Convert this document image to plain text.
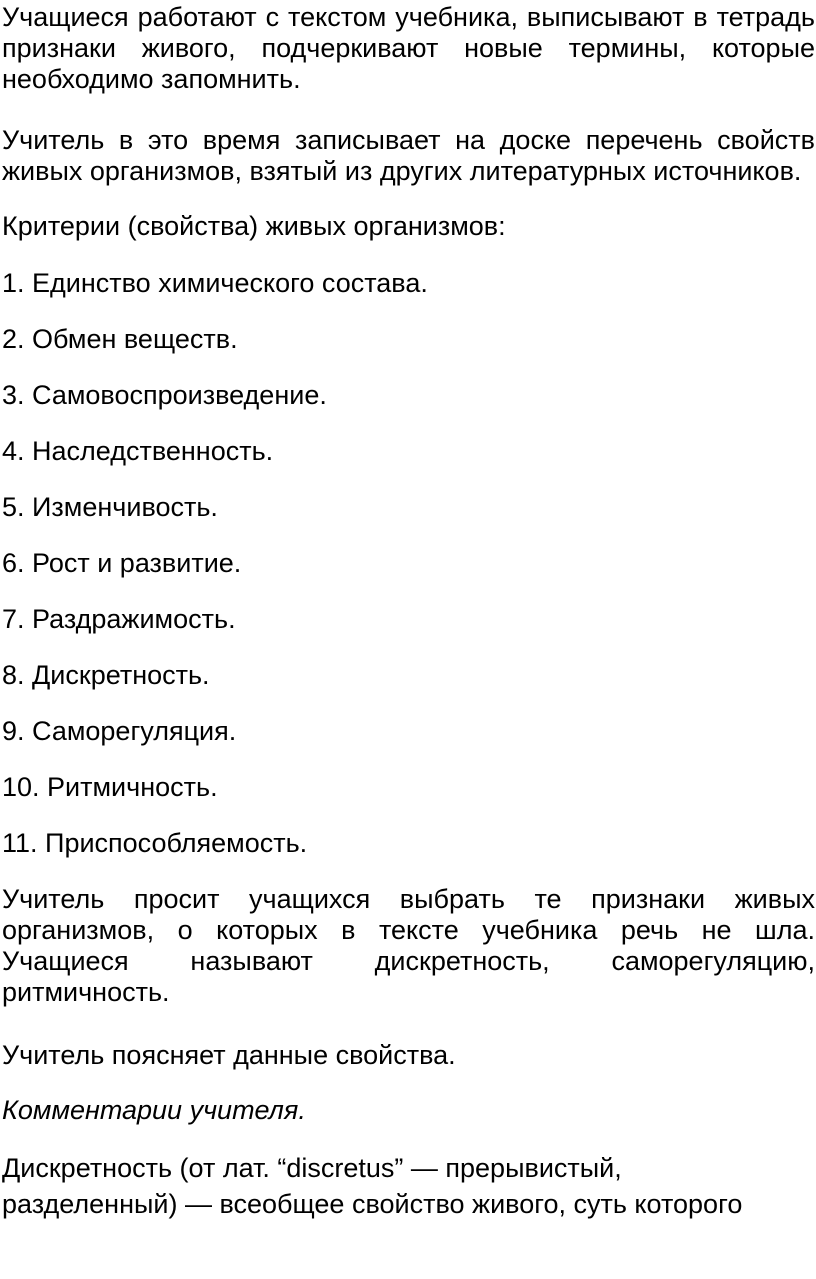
Учащиеся работают с текстом учебника, выписывают в тетрадь признаки живого, подчеркивают новые термины, которые необходимо запомнить.

Учитель в это время записывает на доске перечень свойств живых организмов, взятый из других литературных источников.

Критерии (свойства) живых организмов:

1. Единство химического состава.
2. Обмен веществ.
3. Самовоспроизведение.
4. Наследственность.
5. Изменчивость.
6. Рост и развитие.
7. Раздражимость.
8. Дискретность.
9. Саморегуляция.
10. Ритмичность.
11. Приспособляемость.

Учитель просит учащихся выбрать те признаки живых организмов, о которых в тексте учебника речь не шла. Учащиеся называют дискретность, саморегуляцию, ритмичность.

Учитель поясняет данные свойства.

Комментарии учителя.

Дискретность (от лат. “discretus” — прерывистый,
разделенный) — всеобщее свойство живого, суть которого
